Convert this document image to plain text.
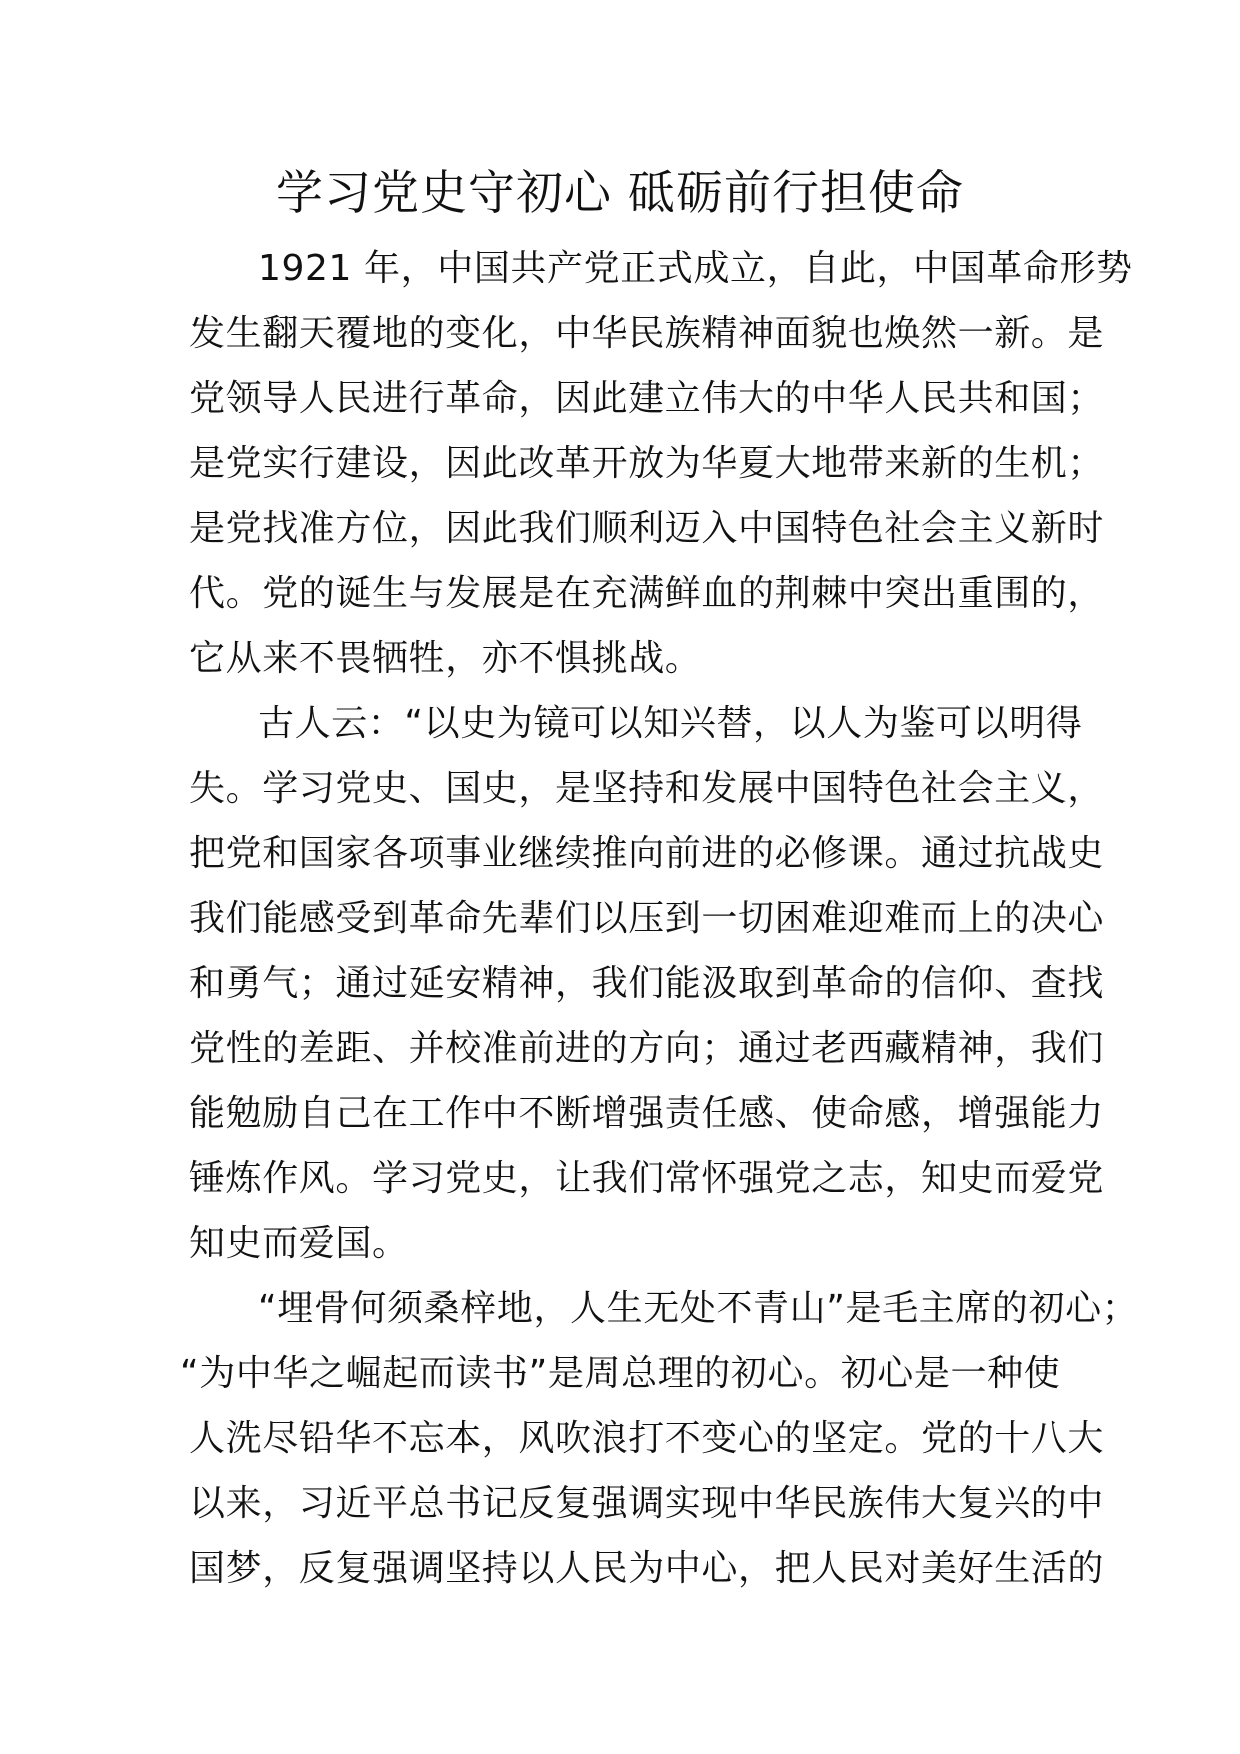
学习党史守初心 砥砺前行担使命
1921 年，中国共产党正式成立，自此，中国革命形势
发生翻天覆地的变化，中华民族精神面貌也焕然一新。是
党领导人民进行革命，因此建立伟大的中华人民共和国；
是党实行建设，因此改革开放为华夏大地带来新的生机；
是党找准方位，因此我们顺利迈入中国特色社会主义新时
代。党的诞生与发展是在充满鲜血的荆棘中突出重围的，
它从来不畏牺牲，亦不惧挑战。
古人云：“以史为镜可以知兴替，以人为鉴可以明得
失。学习党史、国史，是坚持和发展中国特色社会主义，
把党和国家各项事业继续推向前进的必修课。通过抗战史
我们能感受到革命先辈们以压到一切困难迎难而上的决心
和勇气；通过延安精神，我们能汲取到革命的信仰、查找
党性的差距、并校准前进的方向；通过老西藏精神，我们
能勉励自己在工作中不断增强责任感、使命感，增强能力
锤炼作风。学习党史，让我们常怀强党之志，知史而爱党
知史而爱国。
“埋骨何须桑梓地，人生无处不青山”是毛主席的初心；
“为中华之崛起而读书”是周总理的初心。初心是一种使
人洗尽铅华不忘本，风吹浪打不变心的坚定。党的十八大
以来，习近平总书记反复强调实现中华民族伟大复兴的中
国梦，反复强调坚持以人民为中心，把人民对美好生活的
